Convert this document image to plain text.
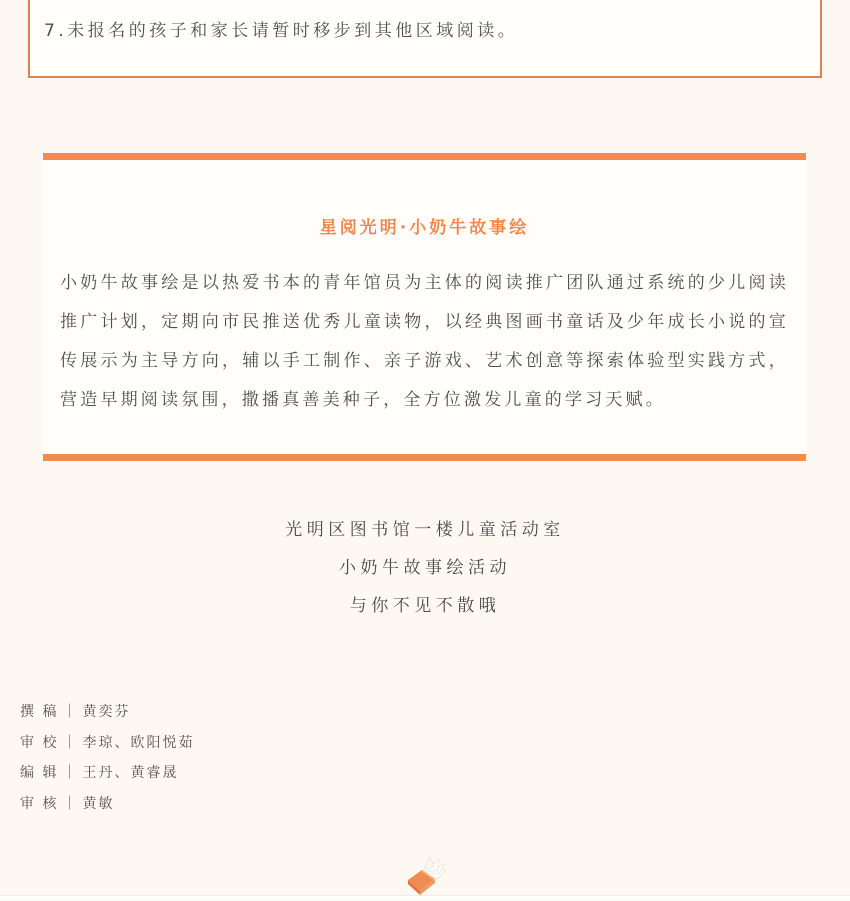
7.未报名的孩子和家长请暂时移步到其他区域阅读。

星阅光明·小奶牛故事绘

小奶牛故事绘是以热爱书本的青年馆员为主体的阅读推广团队通过系统的少儿阅读推广计划，定期向市民推送优秀儿童读物，以经典图画书童话及少年成长小说的宣传展示为主导方向，辅以手工制作、亲子游戏、艺术创意等探索体验型实践方式，营造早期阅读氛围，撒播真善美种子，全方位激发儿童的学习天赋。

光明区图书馆一楼儿童活动室

小奶牛故事绘活动

与你不见不散哦

撰 稿 ｜ 黄奕芬

审 校 ｜ 李琼、欧阳悦茹

编 辑 ｜ 王丹、黄睿晟

审 核 ｜ 黄敏
